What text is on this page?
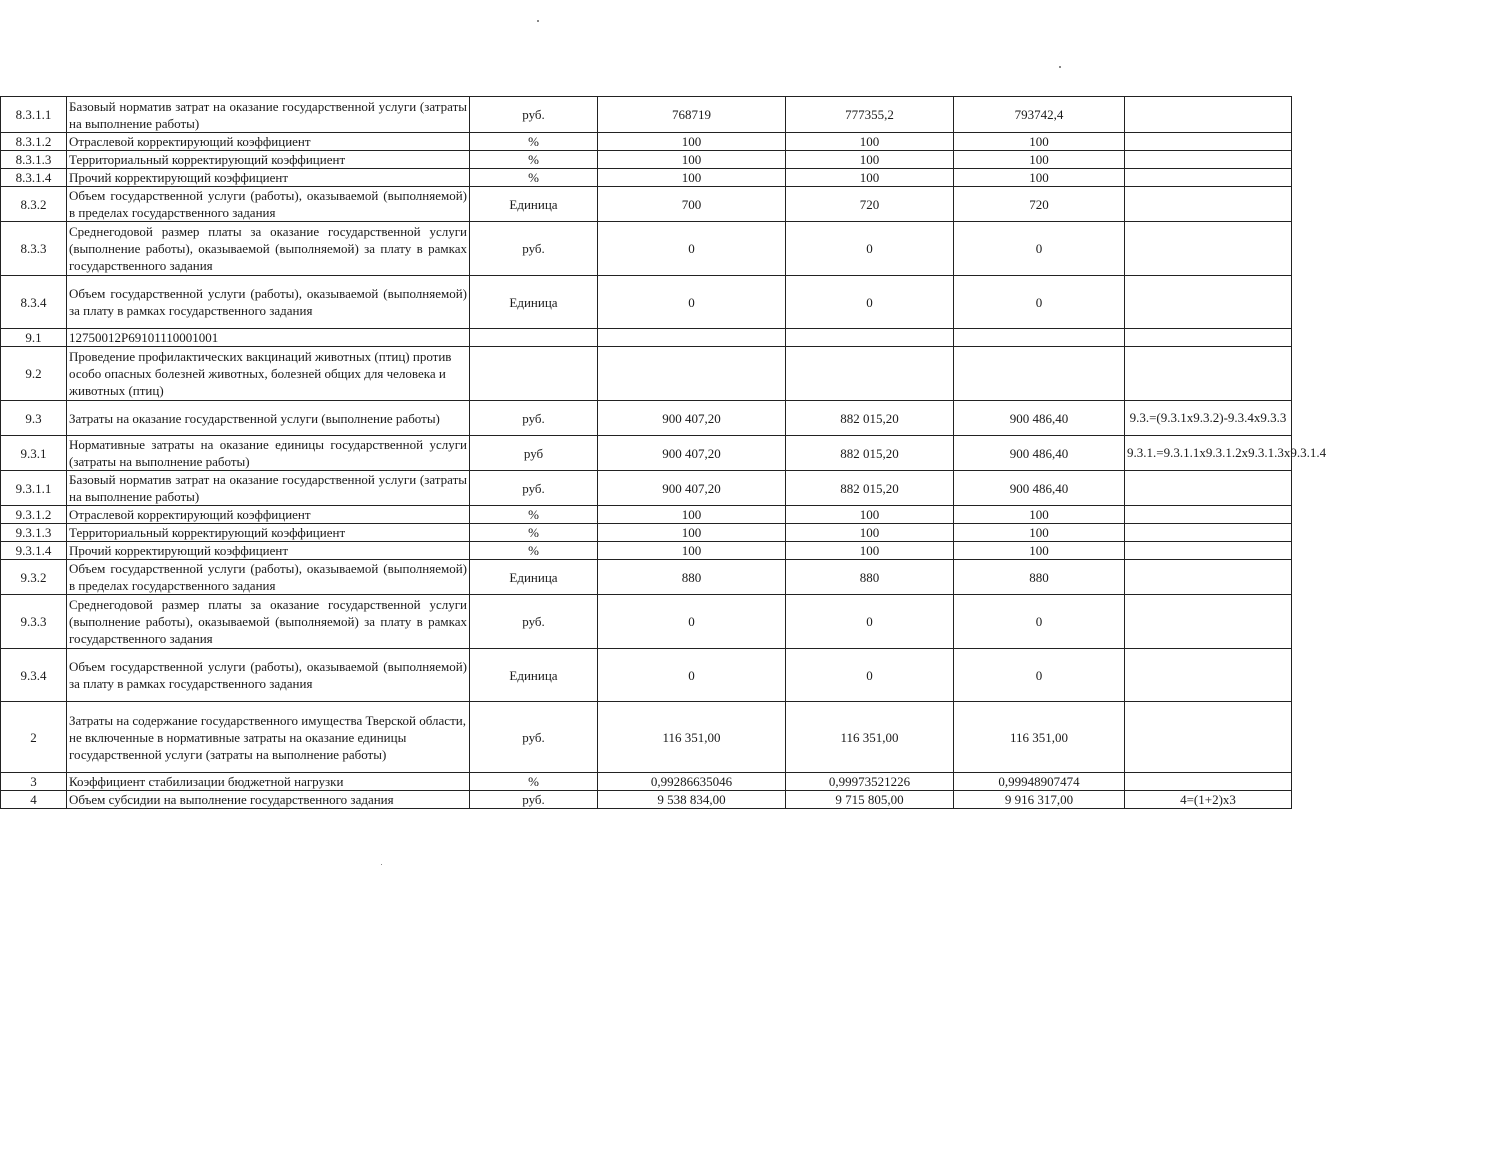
8.3.1.1	Базовый норматив затрат на оказание государственной услуги (затраты на выполнение работы)	руб.	768719	777355,2	793742,4	
8.3.1.2	Отраслевой корректирующий коэффициент	%	100	100	100	
8.3.1.3	Территориальный корректирующий коэффициент	%	100	100	100	
8.3.1.4	Прочий корректирующий коэффициент	%	100	100	100	
8.3.2	Объем государственной услуги (работы), оказываемой (выполняемой) в пределах государственного задания	Единица	700	720	720	
8.3.3	Среднегодовой размер платы за оказание государственной услуги (выполнение работы), оказываемой (выполняемой) за плату в рамках государственного задания	руб.	0	0	0	
8.3.4	Объем государственной услуги (работы), оказываемой (выполняемой) за плату в рамках государственного задания	Единица	0	0	0	
9.1	12750012Р69101110001001					
9.2	Проведение профилактических вакцинаций животных (птиц) против особо опасных болезней животных, болезней общих для человека и животных (птиц)					
9.3	Затраты на оказание государственной услуги (выполнение работы)	руб.	900 407,20	882 015,20	900 486,40	9.3.=(9.3.1х9.3.2)-9.3.4х9.3.3
9.3.1	Нормативные затраты на оказание единицы государственной услуги (затраты на выполнение работы)	руб	900 407,20	882 015,20	900 486,40	9.3.1.=9.3.1.1х9.3.1.2х9.3.1.3х9.3.1.4
9.3.1.1	Базовый норматив затрат на оказание государственной услуги (затраты на выполнение работы)	руб.	900 407,20	882 015,20	900 486,40	
9.3.1.2	Отраслевой корректирующий коэффициент	%	100	100	100	
9.3.1.3	Территориальный корректирующий коэффициент	%	100	100	100	
9.3.1.4	Прочий корректирующий коэффициент	%	100	100	100	
9.3.2	Объем государственной услуги (работы), оказываемой (выполняемой) в пределах государственного задания	Единица	880	880	880	
9.3.3	Среднегодовой размер платы за оказание государственной услуги (выполнение работы), оказываемой (выполняемой) за плату в рамках государственного задания	руб.	0	0	0	
9.3.4	Объем государственной услуги (работы), оказываемой (выполняемой) за плату в рамках государственного задания	Единица	0	0	0	
2	Затраты на содержание государственного имущества Тверской области, не включенные в нормативные затраты на оказание единицы государственной услуги (затраты на выполнение работы)	руб.	116 351,00	116 351,00	116 351,00	
3	Коэффициент стабилизации бюджетной нагрузки	%	0,99286635046	0,99973521226	0,99948907474	
4	Объем субсидии на выполнение государственного задания	руб.	9 538 834,00	9 715 805,00	9 916 317,00	4=(1+2)х3
